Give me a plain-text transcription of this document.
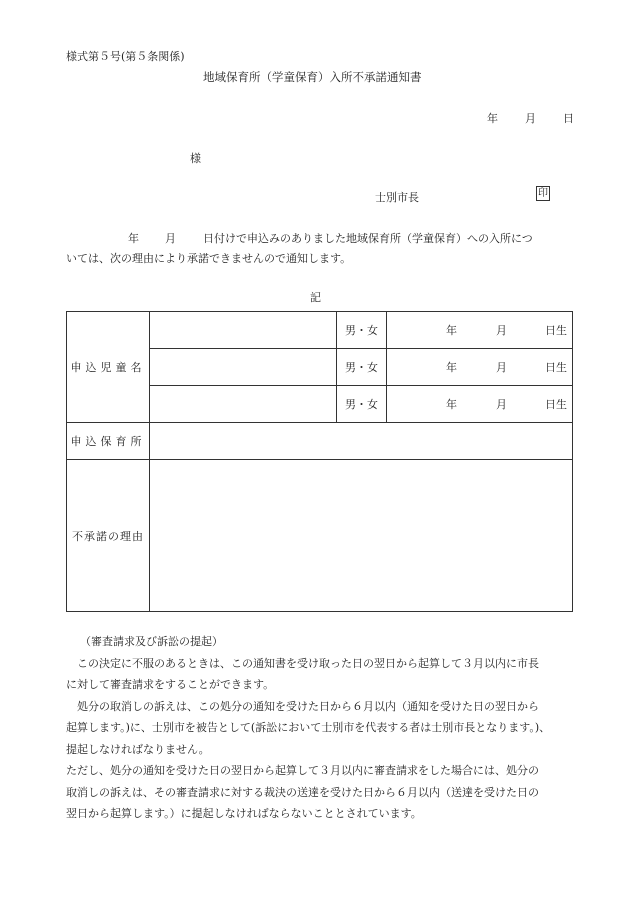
様式第５号(第５条関係)
地域保育所（学童保育）入所不承諾通知書
年 月 日
様
士別市長	印
年 月 日付けで申込みのありました地域保育所（学童保育）への入所につ
いては、次の理由により承諾できませんので通知します。
記
申込児童名		男・女	年 月 日生

		男・女	年 月 日生

		男・女	年 月 日生

申込保育所			
不承諾の理由			
（審査請求及び訴訟の提起）
　この決定に不服のあるときは、この通知書を受け取った日の翌日から起算して３月以内に市長
に対して審査請求をすることができます。
　処分の取消しの訴えは、この処分の通知を受けた日から６月以内（通知を受けた日の翌日から
起算します。)に、士別市を被告として(訴訟において士別市を代表する者は士別市長となります。)、
提起しなければなりません。
ただし、処分の通知を受けた日の翌日から起算して３月以内に審査請求をした場合には、処分の
取消しの訴えは、その審査請求に対する裁決の送達を受けた日から６月以内（送達を受けた日の
翌日から起算します。）に提起しなければならないこととされています。
